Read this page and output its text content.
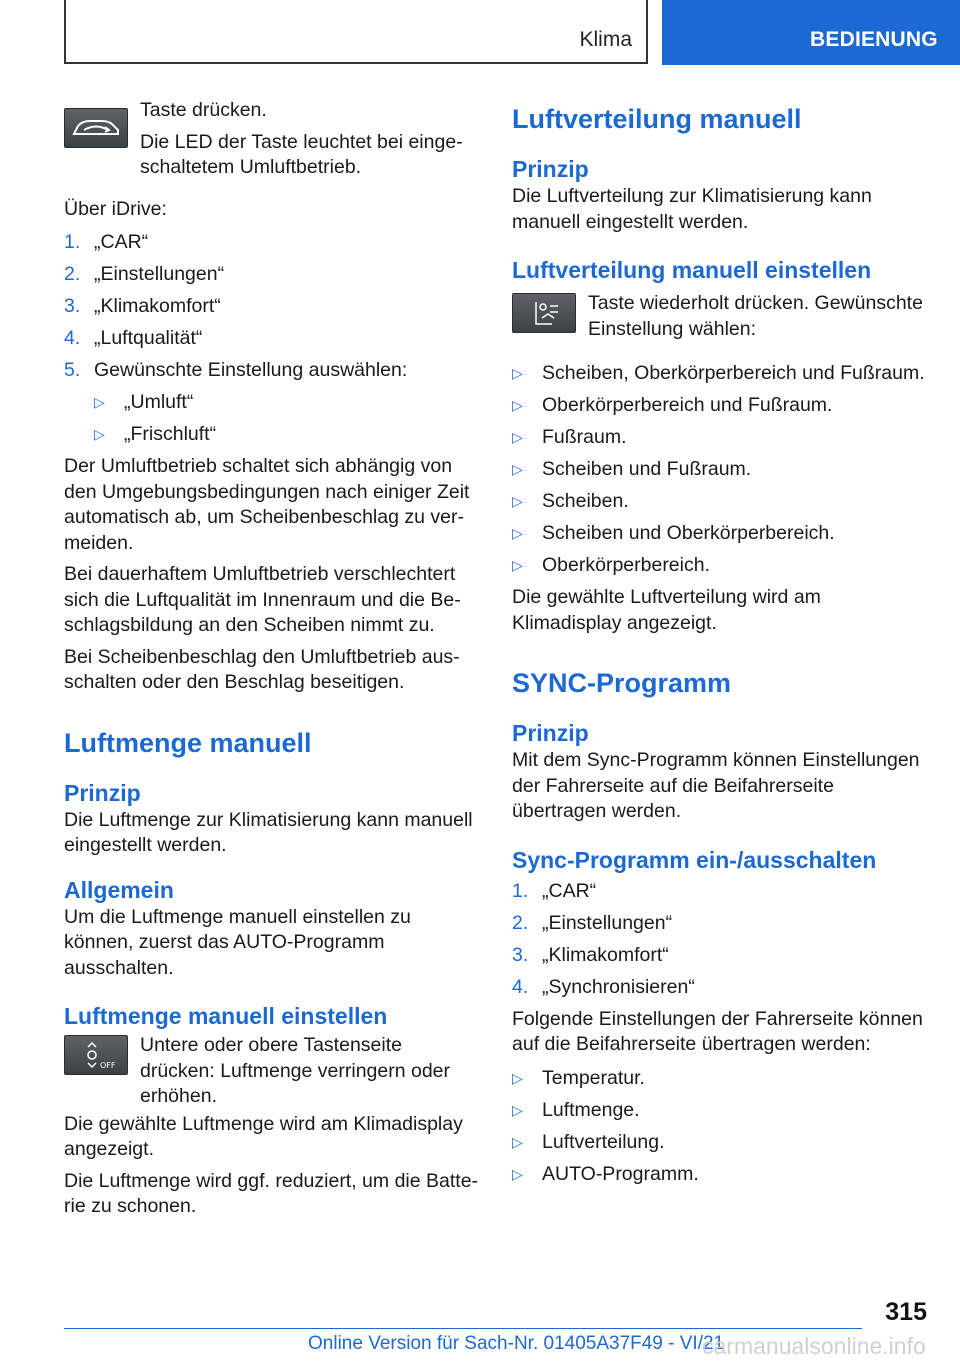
Klima	BEDIENUNG

Taste drücken.

Die LED der Taste leuchtet bei eingeschaltetem Umluftbetrieb.

Über iDrive:

1. „CAR“
2. „Einstellungen“
3. „Klimakomfort“
4. „Luftqualität“
5. Gewünschte Einstellung auswählen:
▷ „Umluft“
▷ „Frischluft“

Der Umluftbetrieb schaltet sich abhängig von den Umgebungsbedingungen nach einiger Zeit automatisch ab, um Scheibenbeschlag zu vermeiden.

Bei dauerhaftem Umluftbetrieb verschlechtert sich die Luftqualität im Innenraum und die Beschlagsbildung an den Scheiben nimmt zu.

Bei Scheibenbeschlag den Umluftbetrieb ausschalten oder den Beschlag beseitigen.

Luftmenge manuell
Prinzip

Die Luftmenge zur Klimatisierung kann manuell eingestellt werden.

Allgemein

Um die Luftmenge manuell einstellen zu können, zuerst das AUTO-Programm ausschalten.

Luftmenge manuell einstellen
OFF

Untere oder obere Tastenseite drücken: Luftmenge verringern oder erhöhen.

Die gewählte Luftmenge wird am Klimadisplay angezeigt.

Die Luftmenge wird ggf. reduziert, um die Batterie zu schonen.

Luftverteilung manuell
Prinzip

Die Luftverteilung zur Klimatisierung kann manuell eingestellt werden.

Luftverteilung manuell einstellen

Taste wiederholt drücken. Gewünschte Einstellung wählen:

▷ Scheiben, Oberkörperbereich und Fußraum.
▷ Oberkörperbereich und Fußraum.
▷ Fußraum.
▷ Scheiben und Fußraum.
▷ Scheiben.
▷ Scheiben und Oberkörperbereich.
▷ Oberkörperbereich.

Die gewählte Luftverteilung wird am Klimadisplay angezeigt.

SYNC-Programm
Prinzip

Mit dem Sync-Programm können Einstellungen der Fahrerseite auf die Beifahrerseite übertragen werden.

Sync-Programm ein-/ausschalten
1. „CAR“
2. „Einstellungen“
3. „Klimakomfort“
4. „Synchronisieren“

Folgende Einstellungen der Fahrerseite können auf die Beifahrerseite übertragen werden:

▷ Temperatur.
▷ Luftmenge.
▷ Luftverteilung.
▷ AUTO-Programm.
315
Online Version für Sach-Nr. 01405A37F49 - VI/21
carmanualsonline.info
